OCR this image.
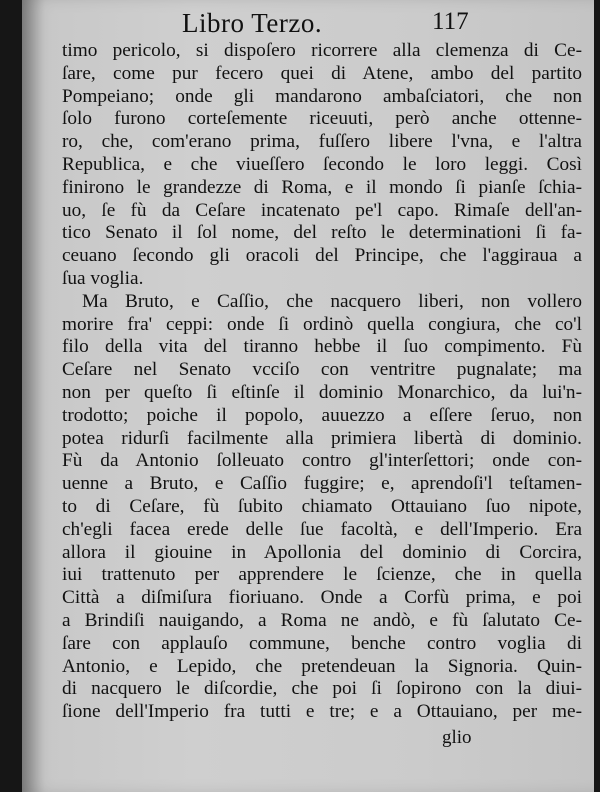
Libro Terzo.	117
timo pericolo, si dispoſero ricorrere alla clemenza di Ce-
ſare, come pur fecero quei di Atene, ambo del partito
Pompeiano; onde gli mandarono ambaſciatori, che non
ſolo furono corteſemente riceuuti, però anche ottenne-
ro, che, com'erano prima, fuſſero libere l'vna, e l'altra
Republica, e che viueſſero ſecondo le loro leggi. Così
finirono le grandezze di Roma, e il mondo ſi pianſe ſchia-
uo, ſe fù da Ceſare incatenato pe'l capo. Rimaſe dell'an-
tico Senato il ſol nome, del reſto le determinationi ſi fa-
ceuano ſecondo gli oracoli del Principe, che l'aggiraua a
ſua voglia.
Ma Bruto, e Caſſio, che nacquero liberi, non vollero
morire fra' ceppi: onde ſi ordinò quella congiura, che co'l
filo della vita del tiranno hebbe il ſuo compimento. Fù
Ceſare nel Senato vcciſo con ventritre pugnalate; ma
non per queſto ſi eſtinſe il dominio Monarchico, da lui'n-
trodotto; poiche il popolo, auuezzo a eſſere ſeruo, non
potea ridurſi facilmente alla primiera libertà di dominio.
Fù da Antonio ſolleuato contro gl'interſettori; onde con-
uenne a Bruto, e Caſſio fuggire; e, aprendoſi'l teſtamen-
to di Ceſare, fù ſubito chiamato Ottauiano ſuo nipote,
ch'egli facea erede delle ſue facoltà, e dell'Imperio. Era
allora il giouine in Apollonia del dominio di Corcira,
iui trattenuto per apprendere le ſcienze, che in quella
Città a diſmiſura fioriuano. Onde a Corfù prima, e poi
a Brindiſi nauigando, a Roma ne andò, e fù ſalutato Ce-
ſare con applauſo commune, benche contro voglia di
Antonio, e Lepido, che pretendeuan la Signoria. Quin-
di nacquero le diſcordie, che poi ſi ſopirono con la diui-
ſione dell'Imperio fra tutti e tre; e a Ottauiano, per me-
glio
